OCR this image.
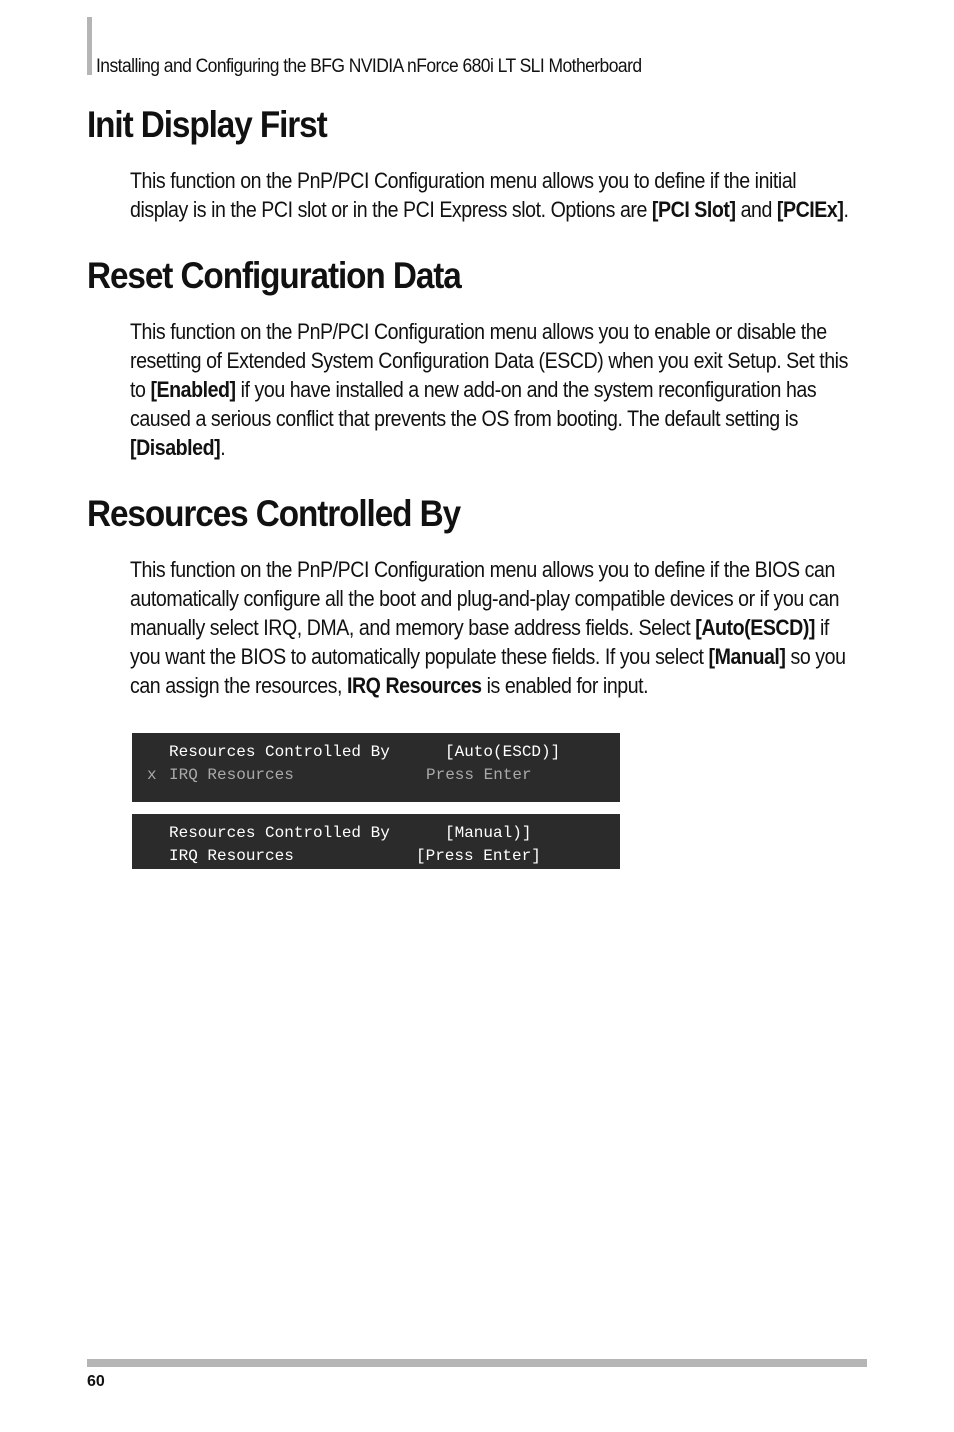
Installing and Configuring the BFG NVIDIA nForce 680i LT SLI Motherboard
Init Display First

This function on the PnP/PCI Configuration menu allows you to define if the initial display is in the PCI slot or in the PCI Express slot. Options are [PCI Slot] and [PCIEx].

Reset Configuration Data

This function on the PnP/PCI Configuration menu allows you to enable or disable the resetting of Extended System Configuration Data (ESCD) when you exit Setup. Set this to [Enabled] if you have installed a new add-on and the system reconfiguration has caused a serious conflict that prevents the OS from booting. The default setting is [Disabled].

Resources Controlled By

This function on the PnP/PCI Configuration menu allows you to define if the BIOS can automatically configure all the boot and plug-and-play compatible devices or if you can manually select IRQ, DMA, and memory base address fields. Select [Auto(ESCD)] if you want the BIOS to automatically populate these fields. If you select [Manual] so you can assign the resources, IRQ Resources is enabled for input.

Resources Controlled By	[Auto(ESCD)]
x IRQ Resources	Press Enter

Resources Controlled By	[Manual)]

IRQ Resources	[Press Enter]
60
